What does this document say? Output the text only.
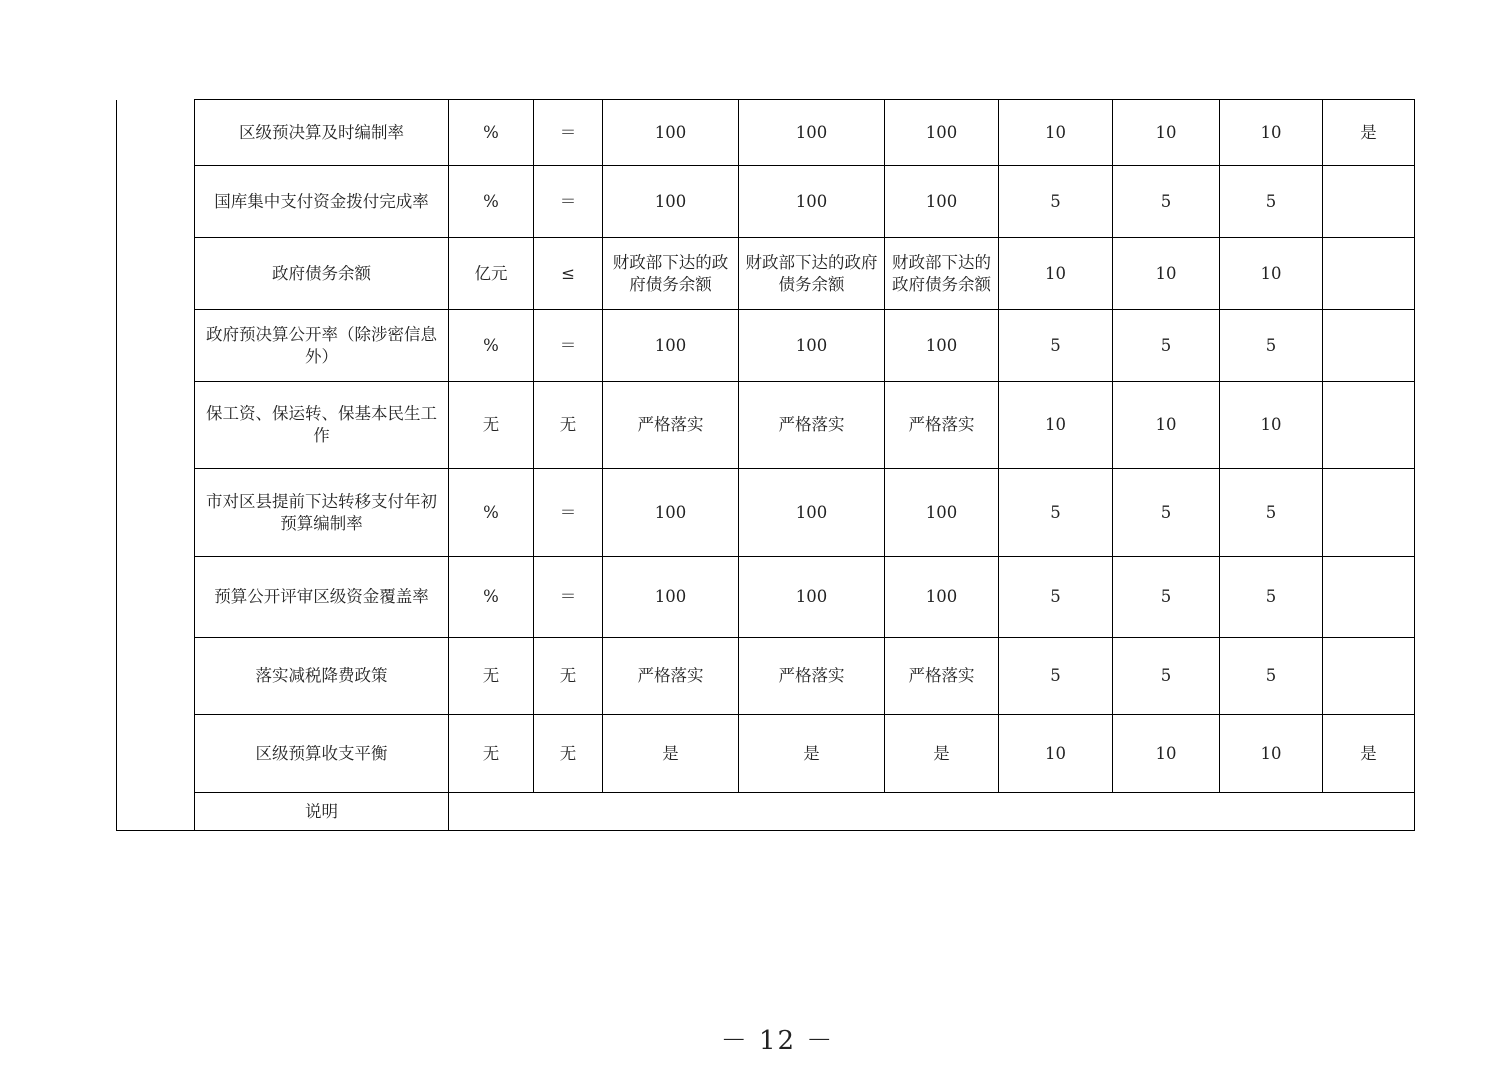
区级预决算及时编制率	%	＝	100	100	100	10	10	10	是
国库集中支付资金拨付完成率	%	＝	100	100	100	5	5	5	
政府债务余额	亿元	≤	财政部下达的政府债务余额	财政部下达的政府债务余额	财政部下达的政府债务余额	10	10	10	
政府预决算公开率（除涉密信息外）	%	＝	100	100	100	5	5	5	
保工资、保运转、保基本民生工作	无	无	严格落实	严格落实	严格落实	10	10	10	
市对区县提前下达转移支付年初预算编制率	%	＝	100	100	100	5	5	5	
预算公开评审区级资金覆盖率	%	＝	100	100	100	5	5	5	
落实减税降费政策	无	无	严格落实	严格落实	严格落实	5	5	5	
区级预算收支平衡	无	无	是	是	是	10	10	10	是
说明									
－ 12 －
